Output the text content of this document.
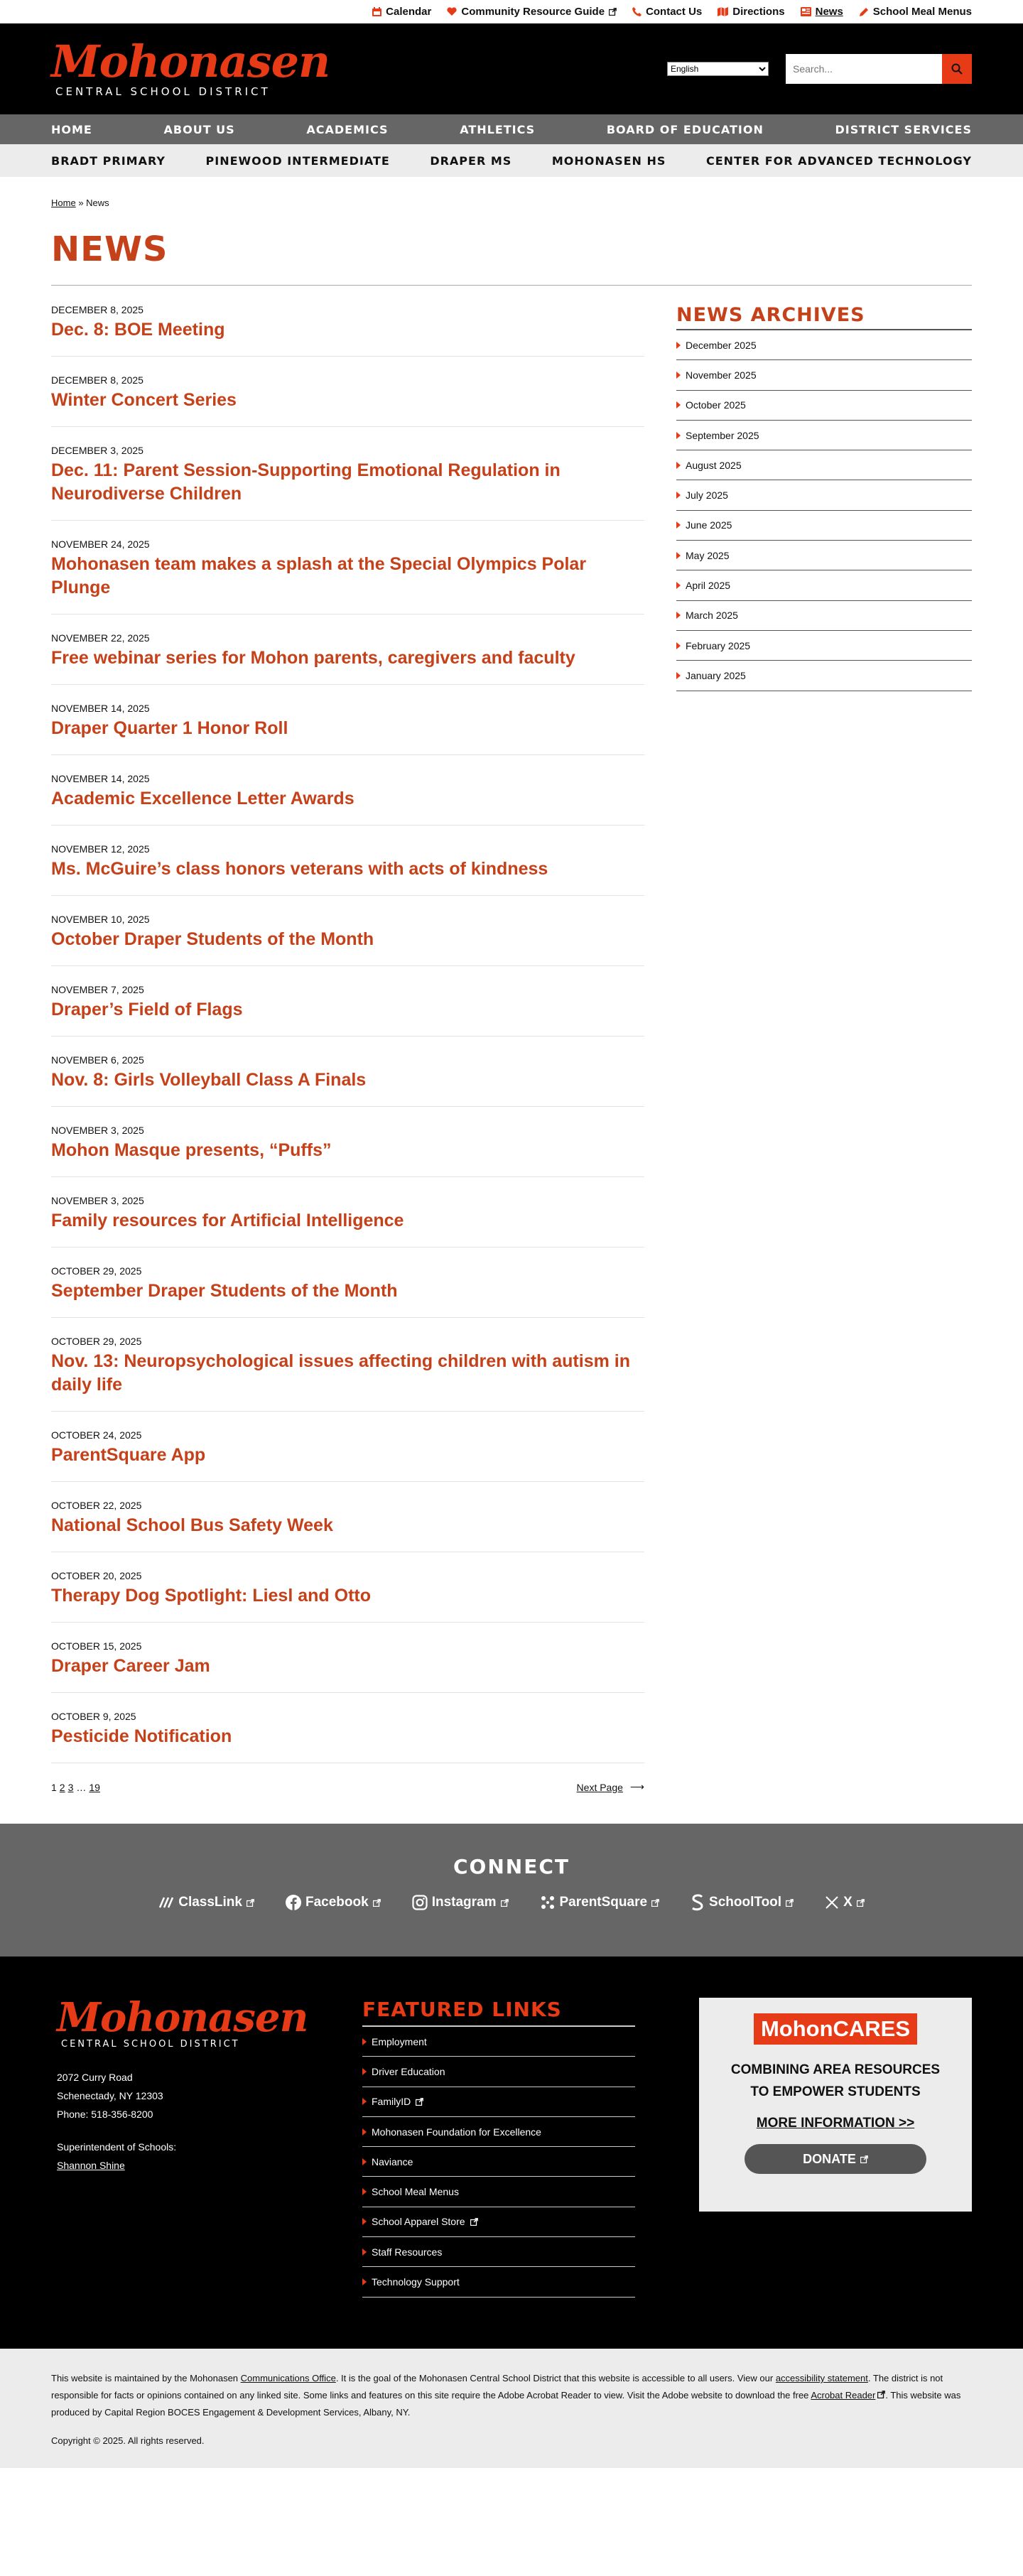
Calendar	Community Resource Guide	Contact Us	Directions	News	School Meal Menus
Mohonasen
CENTRAL SCHOOL DISTRICT
English
Search...
HOME	ABOUT US	ACADEMICS	ATHLETICS	BOARD OF EDUCATION	DISTRICT SERVICES
BRADT PRIMARY	PINEWOOD INTERMEDIATE	DRAPER MS	MOHONASEN HS	CENTER FOR ADVANCED TECHNOLOGY
Home » News
NEWS
DECEMBER 8, 2025
Dec. 8: BOE Meeting
DECEMBER 8, 2025
Winter Concert Series
DECEMBER 3, 2025
Dec. 11: Parent Session-Supporting Emotional Regulation in Neurodiverse Children
NOVEMBER 24, 2025
Mohonasen team makes a splash at the Special Olympics Polar Plunge
NOVEMBER 22, 2025
Free webinar series for Mohon parents, caregivers and faculty
NOVEMBER 14, 2025
Draper Quarter 1 Honor Roll
NOVEMBER 14, 2025
Academic Excellence Letter Awards
NOVEMBER 12, 2025
Ms. McGuire’s class honors veterans with acts of kindness
NOVEMBER 10, 2025
October Draper Students of the Month
NOVEMBER 7, 2025
Draper’s Field of Flags
NOVEMBER 6, 2025
Nov. 8: Girls Volleyball Class A Finals
NOVEMBER 3, 2025
Mohon Masque presents, “Puffs”
NOVEMBER 3, 2025
Family resources for Artificial Intelligence
OCTOBER 29, 2025
September Draper Students of the Month
OCTOBER 29, 2025
Nov. 13: Neuropsychological issues affecting children with autism in daily life
OCTOBER 24, 2025
ParentSquare App
OCTOBER 22, 2025
National School Bus Safety Week
OCTOBER 20, 2025
Therapy Dog Spotlight: Liesl and Otto
OCTOBER 15, 2025
Draper Career Jam
OCTOBER 9, 2025
Pesticide Notification
1 2 3 … 19	Next Page ⟶
NEWS ARCHIVES
December 2025
November 2025
October 2025
September 2025
August 2025
July 2025
June 2025
May 2025
April 2025
March 2025
February 2025
January 2025
CONNECT
ClassLink	Facebook	Instagram	ParentSquare	SchoolTool	X
Mohonasen
CENTRAL SCHOOL DISTRICT
2072 Curry Road
Schenectady, NY 12303
Phone: 518-356-8200
Superintendent of Schools:
Shannon Shine
FEATURED LINKS
Employment
Driver Education
FamilyID
Mohonasen Foundation for Excellence
Naviance
School Meal Menus
School Apparel Store
Staff Resources
Technology Support
MohonCARES
COMBINING AREA RESOURCES
TO EMPOWER STUDENTS
MORE INFORMATION >>
DONATE

This website is maintained by the Mohonasen Communications Office. It is the goal of the Mohonasen Central School District that this website is accessible to all users. View our accessibility statement. The district is not responsible for facts or opinions contained on any linked site. Some links and features on this site require the Adobe Acrobat Reader to view. Visit the Adobe website to download the free Acrobat Reader . This website was produced by Capital Region BOCES Engagement & Development Services, Albany, NY.

Copyright © 2025. All rights reserved.
